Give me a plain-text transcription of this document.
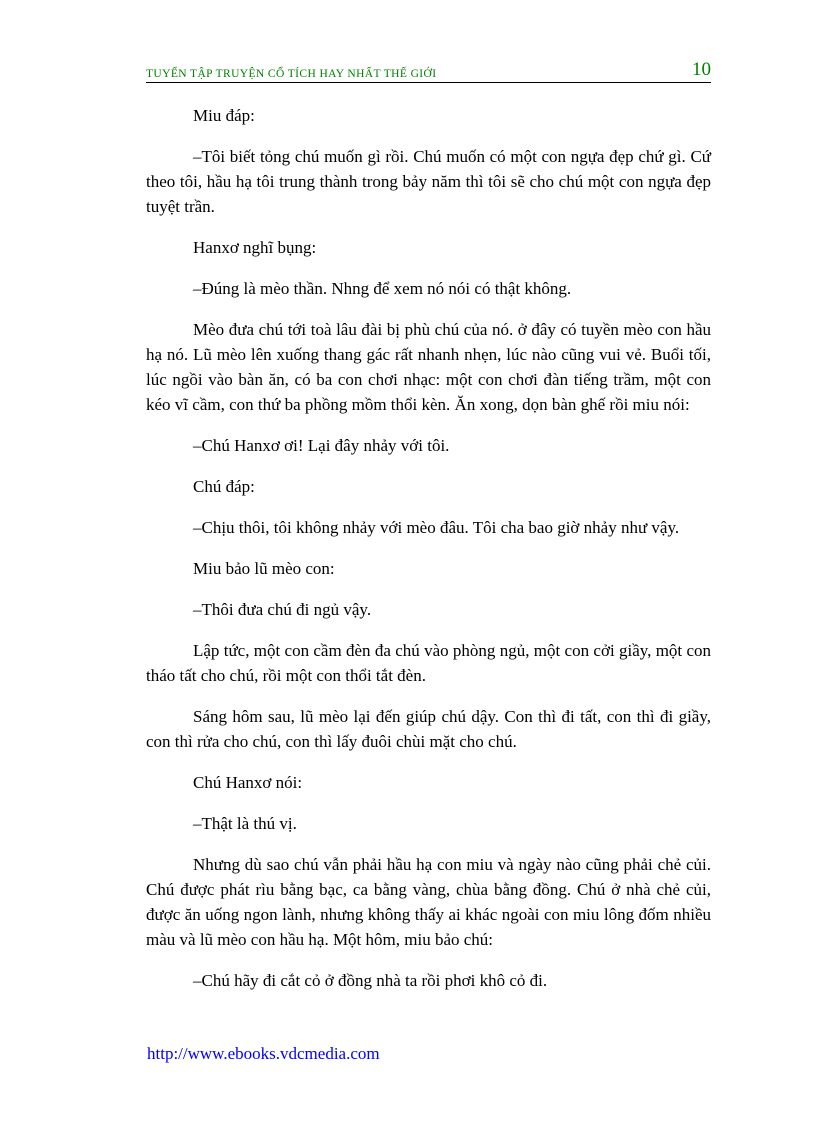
TUYỂN TẬP TRUYỆN CỔ TÍCH HAY NHẤT THẾ GIỚI	10

Miu đáp:

–Tôi biết tỏng chú muốn gì rồi. Chú muốn có một con ngựa đẹp chứ gì. Cứ theo tôi, hầu hạ tôi trung thành trong bảy năm thì tôi sẽ cho chú một con ngựa đẹp tuyệt trần.

Hanxơ nghĩ bụng:

–Đúng là mèo thần. Nhng để xem nó nói có thật không.

Mèo đưa chú tới toà lâu đài bị phù chú của nó. ở đây có tuyền mèo con hầu hạ nó. Lũ mèo lên xuống thang gác rất nhanh nhẹn, lúc nào cũng vui vẻ. Buổi tối, lúc ngồi vào bàn ăn, có ba con chơi nhạc: một con chơi đàn tiếng trầm, một con kéo vĩ cầm, con thứ ba phồng mồm thổi kèn. Ăn xong, dọn bàn ghế rồi miu nói:

–Chú Hanxơ ơi! Lại đây nhảy với tôi.

Chú đáp:

–Chịu thôi, tôi không nhảy với mèo đâu. Tôi cha bao giờ nhảy như vậy.

Miu bảo lũ mèo con:

–Thôi đưa chú đi ngủ vậy.

Lập tức, một con cầm đèn đa chú vào phòng ngủ, một con cởi giầy, một con tháo tất cho chú, rồi một con thổi tắt đèn.

Sáng hôm sau, lũ mèo lại đến giúp chú dậy. Con thì đi tất, con thì đi giầy, con thì rửa cho chú, con thì lấy đuôi chùi mặt cho chú.

Chú Hanxơ nói:

–Thật là thú vị.

Nhưng dù sao chú vẫn phải hầu hạ con miu và ngày nào cũng phải chẻ củi. Chú được phát rìu bằng bạc, ca bằng vàng, chùa bằng đồng. Chú ở nhà chẻ củi, được ăn uống ngon lành, nhưng không thấy ai khác ngoài con miu lông đốm nhiều màu và lũ mèo con hầu hạ. Một hôm, miu bảo chú:

–Chú hãy đi cắt cỏ ở đồng nhà ta rồi phơi khô cỏ đi.

http://www.ebooks.vdcmedia.com
